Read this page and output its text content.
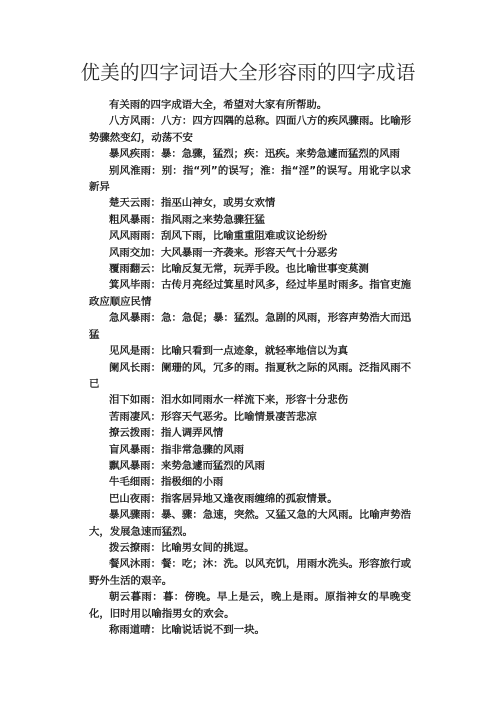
优美的四字词语大全形容雨的四字成语

有关雨的四字成语大全，希望对大家有所帮助。

八方风雨：八方：四方四隅的总称。四面八方的疾风骤雨。比喻形势骤然变幻，动荡不安

暴风疾雨：暴：急骤，猛烈；疾：迅疾。来势急遽而猛烈的风雨

别风淮雨：别：指“列”的误写；淮：指“淫”的误写。用讹字以求新异

楚天云雨：指巫山神女，或男女欢情

粗风暴雨：指风雨之来势急骤狂猛

风风雨雨：刮风下雨，比喻重重阻难或议论纷纷

风雨交加：大风暴雨一齐袭来。形容天气十分恶劣

覆雨翻云：比喻反复无常，玩弄手段。也比喻世事变莫测

箕风毕雨：古传月亮经过箕星时风多，经过毕星时雨多。指官吏施政应顺应民情

急风暴雨：急：急促；暴：猛烈。急剧的风雨，形容声势浩大而迅猛

见风是雨：比喻只看到一点迹象，就轻率地信以为真

阑风长雨：阑珊的风，冗多的雨。指夏秋之际的风雨。泛指风雨不已

泪下如雨：泪水如同雨水一样流下来，形容十分悲伤

苦雨凄风：形容天气恶劣。比喻情景凄苦悲凉

撩云拨雨：指人调弄风情

盲风暴雨：指非常急骤的风雨

飘风暴雨：来势急遽而猛烈的风雨

牛毛细雨：指极细的小雨

巴山夜雨：指客居异地又逢夜雨缠绵的孤寂情景。

暴风骤雨：暴、骤：急速，突然。又猛又急的大风雨。比喻声势浩大，发展急速而猛烈。

拨云撩雨：比喻男女间的挑逗。

餐风沐雨：餐：吃；沐：洗。以风充饥，用雨水洗头。形容旅行或野外生活的艰辛。

朝云暮雨：暮：傍晚。早上是云，晚上是雨。原指神女的早晚变化，旧时用以喻指男女的欢会。

称雨道晴：比喻说话说不到一块。
